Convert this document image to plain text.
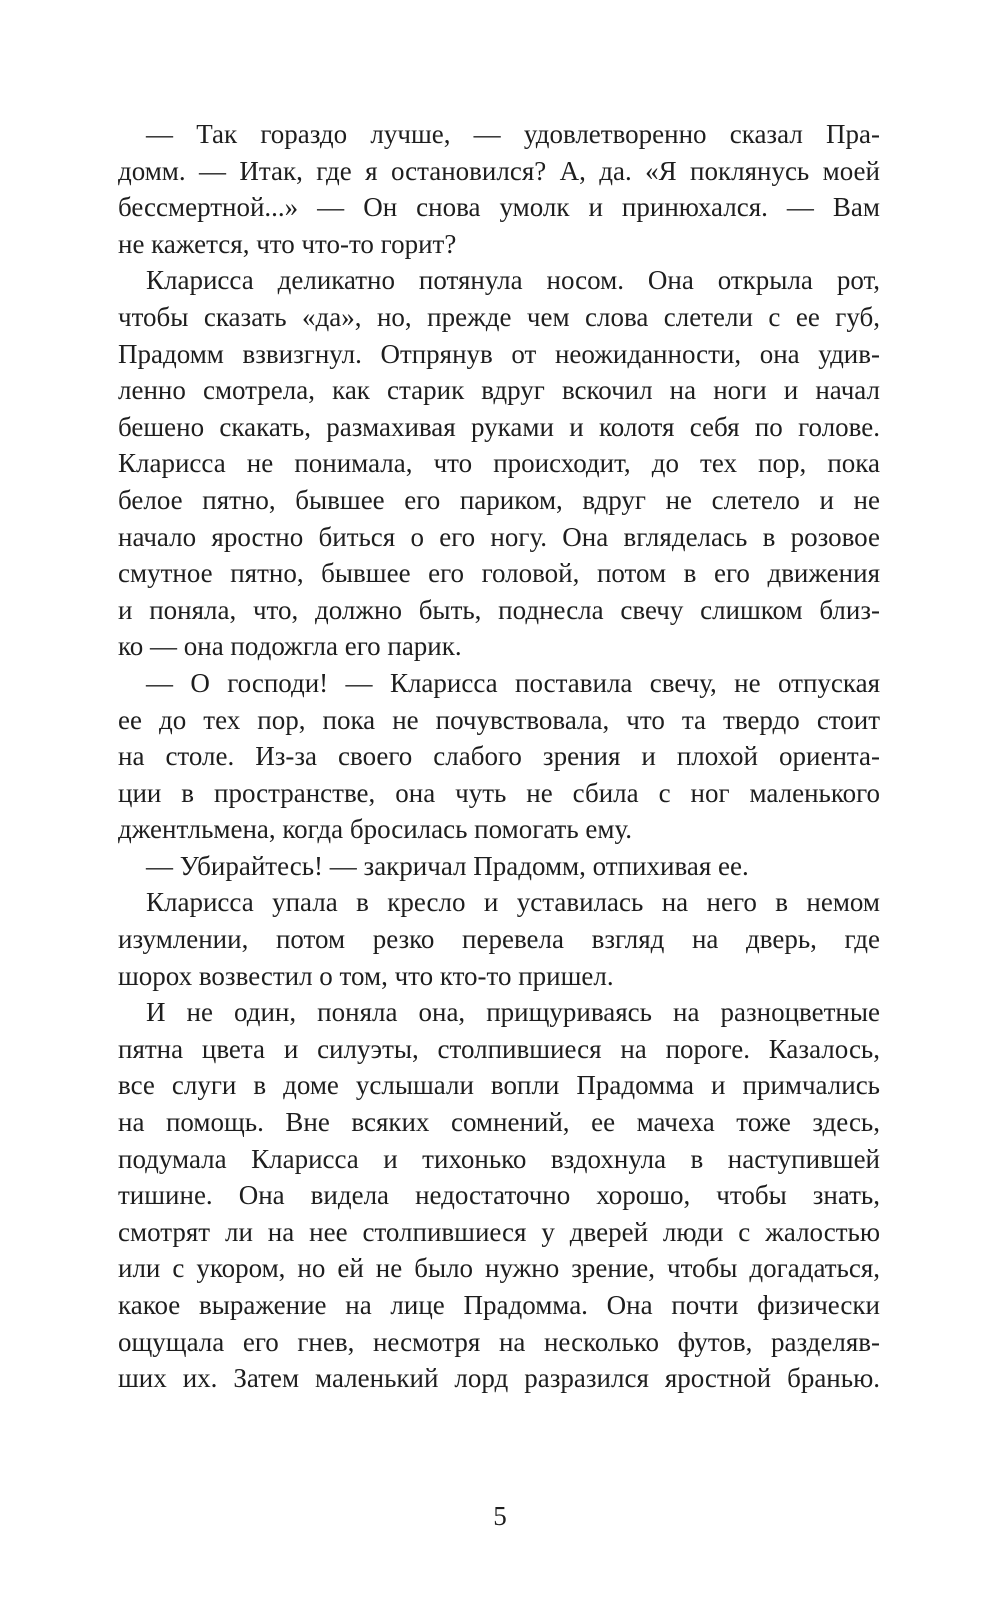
— Так гораздо лучше, — удовлетворенно сказал Пра-
домм. — Итак, где я остановился? А, да. «Я поклянусь моей
бессмертной...» — Он снова умолк и принюхался. — Вам
не кажется, что что-то горит?
Кларисса деликатно потянула носом. Она открыла рот,
чтобы сказать «да», но, прежде чем слова слетели с ее губ,
Прадомм взвизгнул. Отпрянув от неожиданности, она удив-
ленно смотрела, как старик вдруг вскочил на ноги и начал
бешено скакать, размахивая руками и колотя себя по голове.
Кларисса не понимала, что происходит, до тех пор, пока
белое пятно, бывшее его париком, вдруг не слетело и не
начало яростно биться о его ногу. Она вгляделась в розовое
смутное пятно, бывшее его головой, потом в его движения
и поняла, что, должно быть, поднесла свечу слишком близ-
ко — она подожгла его парик.
— О господи! — Кларисса поставила свечу, не отпуская
ее до тех пор, пока не почувствовала, что та твердо стоит
на столе. Из-за своего слабого зрения и плохой ориента-
ции в пространстве, она чуть не сбила с ног маленького
джентльмена, когда бросилась помогать ему.
— Убирайтесь! — закричал Прадомм, отпихивая ее.
Кларисса упала в кресло и уставилась на него в немом
изумлении, потом резко перевела взгляд на дверь, где
шорох возвестил о том, что кто-то пришел.
И не один, поняла она, прищуриваясь на разноцветные
пятна цвета и силуэты, столпившиеся на пороге. Казалось,
все слуги в доме услышали вопли Прадомма и примчались
на помощь. Вне всяких сомнений, ее мачеха тоже здесь,
подумала Кларисса и тихонько вздохнула в наступившей
тишине. Она видела недостаточно хорошо, чтобы знать,
смотрят ли на нее столпившиеся у дверей люди с жалостью
или с укором, но ей не было нужно зрение, чтобы догадаться,
какое выражение на лице Прадомма. Она почти физически
ощущала его гнев, несмотря на несколько футов, разделяв-
ших их. Затем маленький лорд разразился яростной бранью.
5
